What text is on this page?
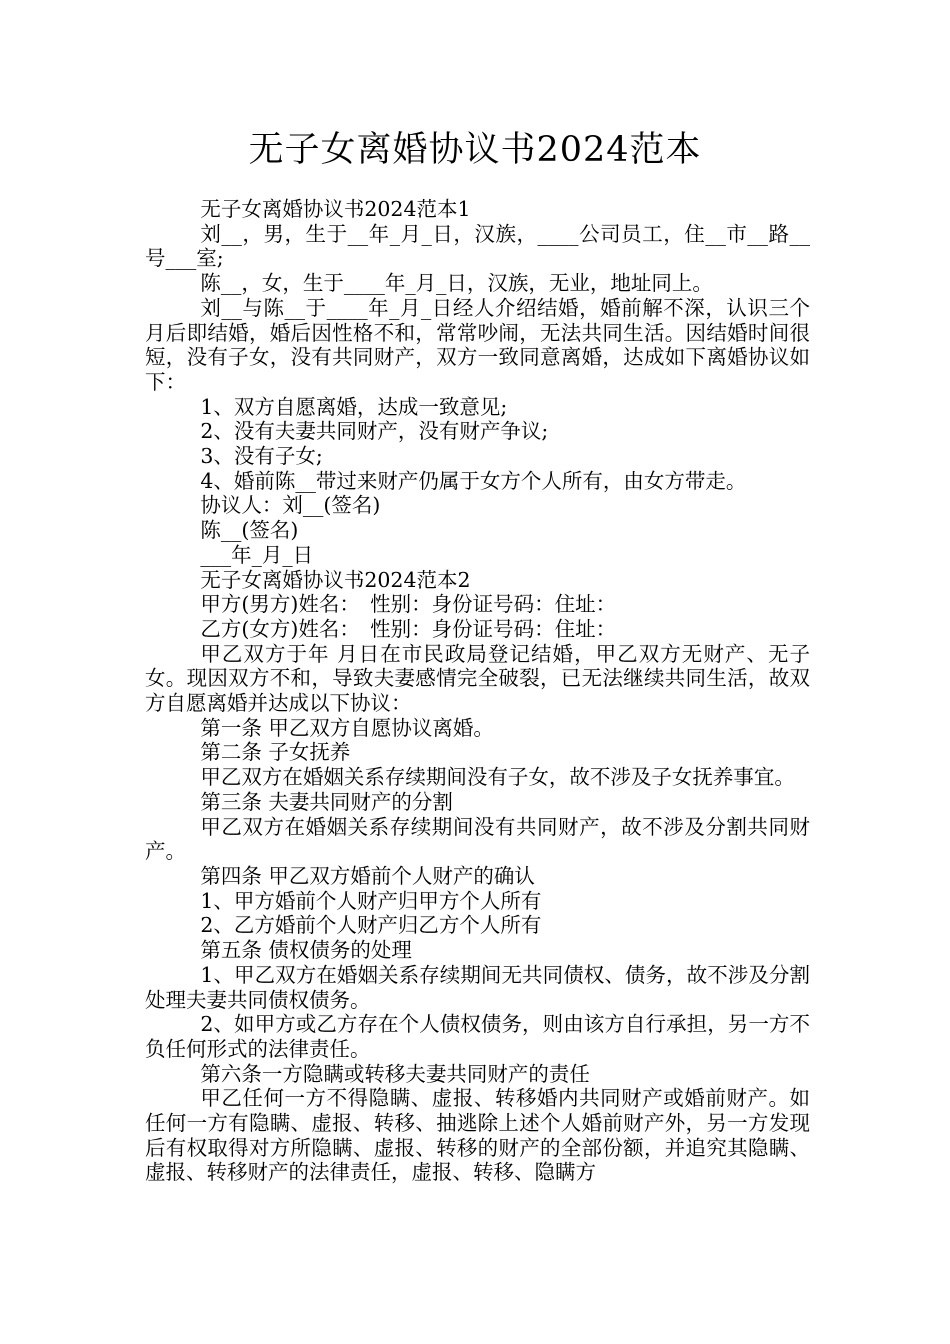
无子女离婚协议书2024范本

无子女离婚协议书2024范本1

刘__，男，生于__年_月_日，汉族，____公司员工，住__市__路__号___室;

陈__，女，生于____年_月_日，汉族，无业，地址同上。

刘__与陈__于____年_月_日经人介绍结婚，婚前解不深，认识三个月后即结婚，婚后因性格不和，常常吵闹，无法共同生活。因结婚时间很短，没有子女，没有共同财产，双方一致同意离婚，达成如下离婚协议如下：

1、双方自愿离婚，达成一致意见;

2、没有夫妻共同财产，没有财产争议;

3、没有子女;

4、婚前陈__带过来财产仍属于女方个人所有，由女方带走。

协议人：刘__(签名)

陈__(签名)

___年_月_日

无子女离婚协议书2024范本2

甲方(男方)姓名：　性别：身份证号码：住址：

乙方(女方)姓名：　性别：身份证号码：住址：

甲乙双方于年 月日在市民政局登记结婚，甲乙双方无财产、无子女。现因双方不和，导致夫妻感情完全破裂，已无法继续共同生活，故双方自愿离婚并达成以下协议：

第一条 甲乙双方自愿协议离婚。

第二条 子女抚养

甲乙双方在婚姻关系存续期间没有子女，故不涉及子女抚养事宜。

第三条 夫妻共同财产的分割

甲乙双方在婚姻关系存续期间没有共同财产，故不涉及分割共同财产。

第四条 甲乙双方婚前个人财产的确认

1、甲方婚前个人财产归甲方个人所有

2、乙方婚前个人财产归乙方个人所有

第五条 债权债务的处理

1、甲乙双方在婚姻关系存续期间无共同债权、债务，故不涉及分割处理夫妻共同债权债务。

2、如甲方或乙方存在个人债权债务，则由该方自行承担，另一方不负任何形式的法律责任。

第六条一方隐瞒或转移夫妻共同财产的责任

甲乙任何一方不得隐瞒、虚报、转移婚内共同财产或婚前财产。如任何一方有隐瞒、虚报、转移、抽逃除上述个人婚前财产外，另一方发现后有权取得对方所隐瞒、虚报、转移的财产的全部份额，并追究其隐瞒、虚报、转移财产的法律责任，虚报、转移、隐瞒方
